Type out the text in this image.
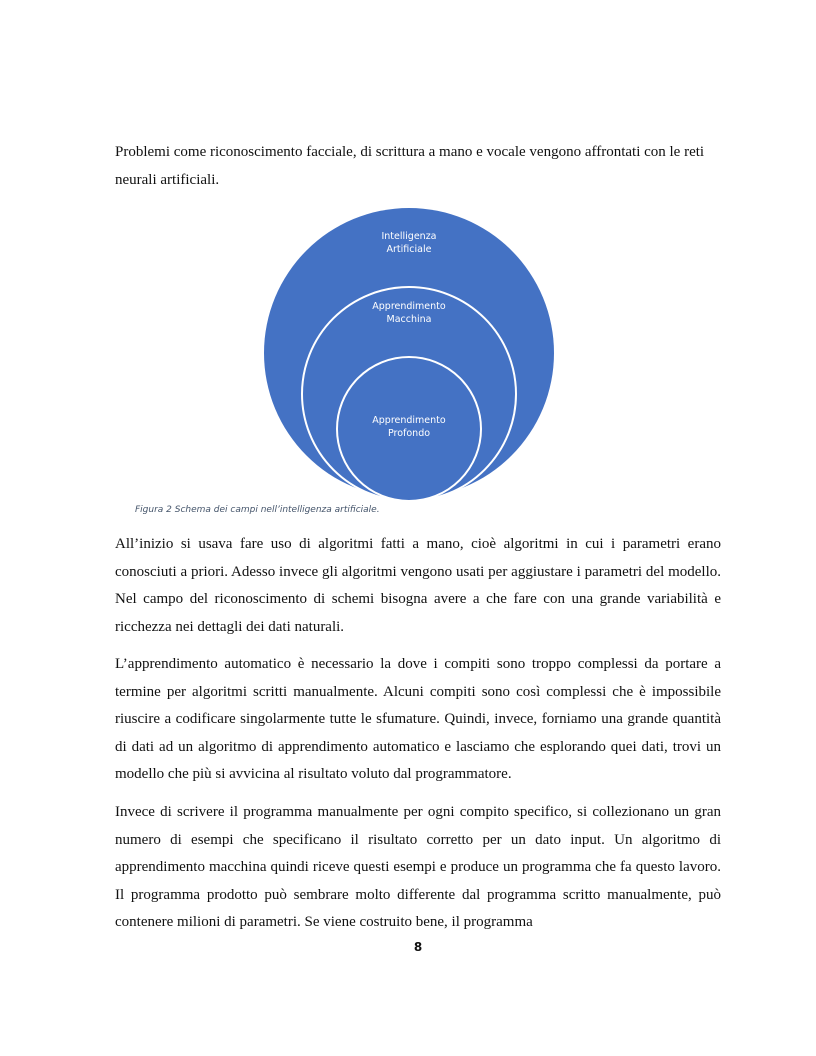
Problemi come riconoscimento facciale, di scrittura a mano e vocale vengono affrontati con le reti neurali artificiali.

Intelligenza
Artificiale
Apprendimento
Macchina
Apprendimento
Profondo
Figura 2 Schema dei campi nell’intelligenza artificiale.

All’inizio si usava fare uso di algoritmi fatti a mano, cioè algoritmi in cui i parametri erano conosciuti a priori. Adesso invece gli algoritmi vengono usati per aggiustare i parametri del modello. Nel campo del riconoscimento di schemi bisogna avere a che fare con una grande variabilità e ricchezza nei dettagli dei dati naturali.

L’apprendimento automatico è necessario la dove i compiti sono troppo complessi da portare a termine per algoritmi scritti manualmente. Alcuni compiti sono così complessi che è impossibile riuscire a codificare singolarmente tutte le sfumature. Quindi, invece, forniamo una grande quantità di dati ad un algoritmo di apprendimento automatico e lasciamo che esplorando quei dati, trovi un modello che più si avvicina al risultato voluto dal programmatore.

Invece di scrivere il programma manualmente per ogni compito specifico, si collezionano un gran numero di esempi che specificano il risultato corretto per un dato input. Un algoritmo di apprendimento macchina quindi riceve questi esempi e produce un programma che fa questo lavoro. Il programma prodotto può sembrare molto differente dal programma scritto manualmente, può contenere milioni di parametri. Se viene costruito bene, il programma

8
